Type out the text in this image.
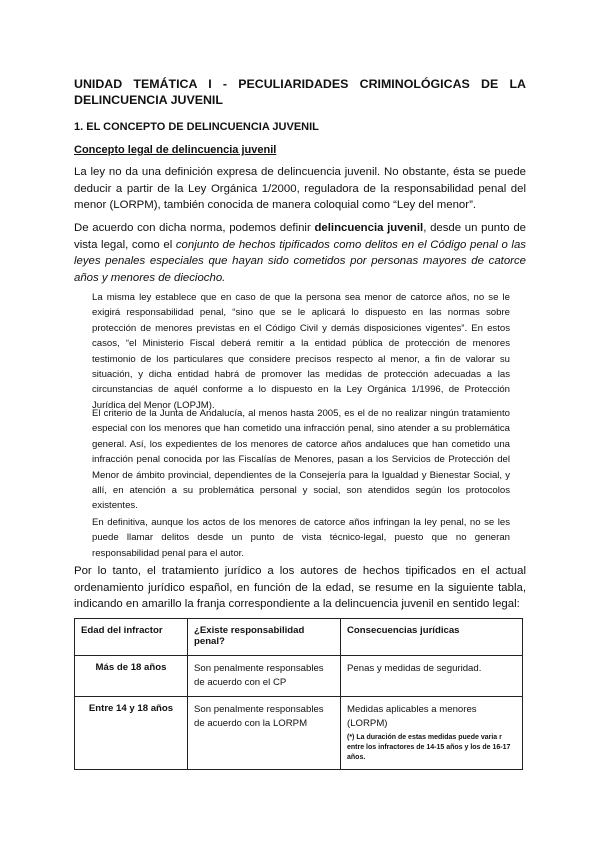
UNIDAD TEMÁTICA I - PECULIARIDADES CRIMINOLÓGICAS DE LA DELINCUENCIA JUVENIL
1. EL CONCEPTO DE DELINCUENCIA JUVENIL
Concepto legal de delincuencia juvenil
La ley no da una definición expresa de delincuencia juvenil. No obstante, ésta se puede deducir a partir de la Ley Orgánica 1/2000, reguladora de la responsabilidad penal del menor (LORPM), también conocida de manera coloquial como “Ley del menor”.
De acuerdo con dicha norma, podemos definir delincuencia juvenil, desde un punto de vista legal, como el conjunto de hechos tipificados como delitos en el Código penal o las leyes penales especiales que hayan sido cometidos por personas mayores de catorce años y menores de dieciocho.
La misma ley establece que en caso de que la persona sea menor de catorce años, no se le exigirá responsabilidad penal, “sino que se le aplicará lo dispuesto en las normas sobre protección de menores previstas en el Código Civil y demás disposiciones vigentes”. En estos casos, “el Ministerio Fiscal deberá remitir a la entidad pública de protección de menores testimonio de los particulares que considere precisos respecto al menor, a fin de valorar su situación, y dicha entidad habrá de promover las medidas de protección adecuadas a las circunstancias de aquél conforme a lo dispuesto en la Ley Orgánica 1/1996, de Protección Jurídica del Menor (LOPJM).
El criterio de la Junta de Andalucía, al menos hasta 2005, es el de no realizar ningún tratamiento especial con los menores que han cometido una infracción penal, sino atender a su problemática general. Así, los expedientes de los menores de catorce años andaluces que han cometido una infracción penal conocida por las Fiscalías de Menores, pasan a los Servicios de Protección del Menor de ámbito provincial, dependientes de la Consejería para la Igualdad y Bienestar Social, y allí, en atención a su problemática personal y social, son atendidos según los protocolos existentes.
En definitiva, aunque los actos de los menores de catorce años infringan la ley penal, no se les puede llamar delitos desde un punto de vista técnico-legal, puesto que no generan responsabilidad penal para el autor.
Por lo tanto, el tratamiento jurídico a los autores de hechos tipificados en el actual ordenamiento jurídico español, en función de la edad, se resume en la siguiente tabla, indicando en amarillo la franja correspondiente a la delincuencia juvenil en sentido legal:
Edad del infractor	¿Existe responsabilidad penal?	Consecuencias jurídicas
Más de 18 años	Son penalmente responsables de acuerdo con el CP	Penas y medidas de seguridad.
Entre 14 y 18 años	Son penalmente responsables de acuerdo con la LORPM	Medidas aplicables a menores (LORPM)
(*) La duración de estas medidas puede varia r entre los infractores de 14-15 años y los de 16-17 años.
